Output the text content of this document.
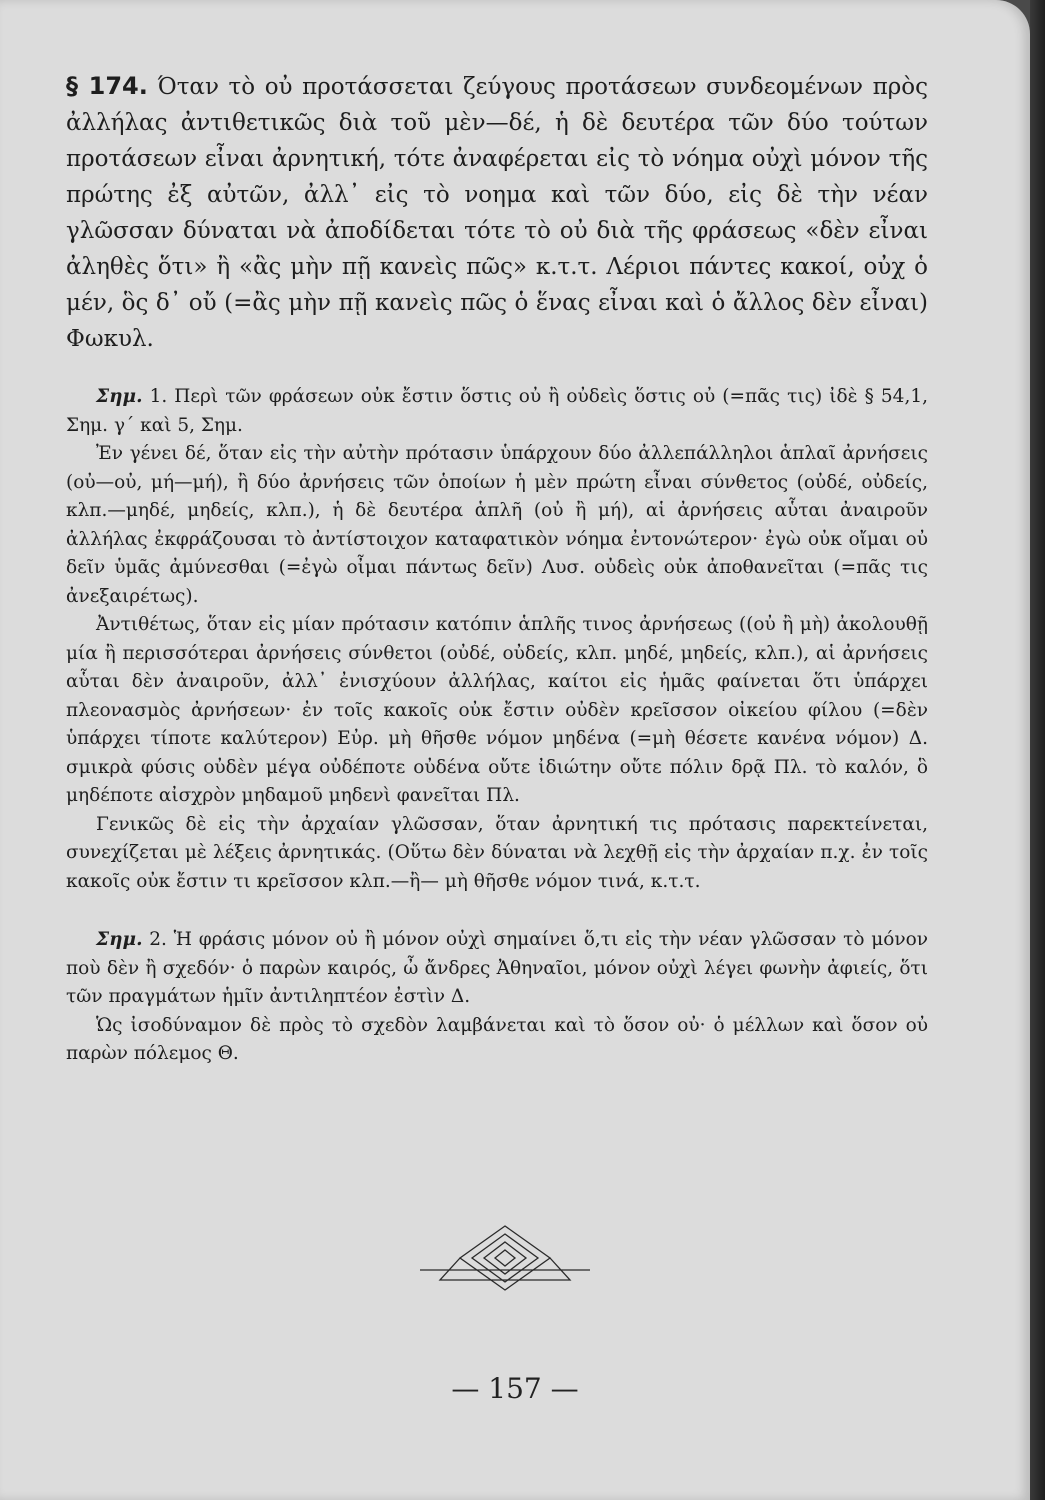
§ 174. Όταν τὸ οὐ προτάσσεται ζεύγους προτάσεων συνδεομένων πρὸς ἀλλήλας ἀντιθετικῶς διὰ τοῦ μὲν—δέ, ἡ δὲ δευτέρα τῶν δύο τούτων προτάσεων εἶναι ἀρνητική, τότε ἀναφέρεται εἰς τὸ νόημα οὐχὶ μόνον τῆς πρώτης ἐξ αὐτῶν, ἀλλ᾽ εἰς τὸ νοημα καὶ τῶν δύο, εἰς δὲ τὴν νέαν γλῶσσαν δύναται νὰ ἀποδίδεται τότε τὸ οὐ διὰ τῆς φράσεως «δὲν εἶναι ἀληθὲς ὅτι» ἢ «ἂς μὴν πῇ κανεὶς πῶς» κ.τ.τ. Λέριοι πάντες κακοί, οὐχ ὁ μέν, ὃς δ᾽ οὔ (=ἂς μὴν πῇ κανεὶς πῶς ὁ ἕνας εἶναι καὶ ὁ ἄλλος δὲν εἶναι) Φωκυλ.

Σημ. 1. Περὶ τῶν φράσεων οὐκ ἔστιν ὅστις οὐ ἢ οὐδεὶς ὅστις οὐ (=πᾶς τις) ἰδὲ § 54,1, Σημ. γ´ καὶ 5, Σημ.

Ἐν γένει δέ, ὅταν εἰς τὴν αὐτὴν πρότασιν ὑπάρχουν δύο ἀλλεπάλληλοι ἁπλαῖ ἀρνήσεις (οὐ—οὐ, μή—μή), ἢ δύο ἀρνήσεις τῶν ὁποίων ἡ μὲν πρώτη εἶναι σύνθετος (οὐδέ, οὐδείς, κλπ.—μηδέ, μηδείς, κλπ.), ἡ δὲ δευτέρα ἁπλῆ (οὐ ἢ μή), αἱ ἀρνήσεις αὗται ἀναιροῦν ἀλλήλας ἐκφράζουσαι τὸ ἀντίστοιχον καταφατικὸν νόημα ἐντονώτερον· ἐγὼ οὐκ οἴμαι οὐ δεῖν ὑμᾶς ἀμύνεσθαι (=ἐγὼ οἶμαι πάντως δεῖν) Λυσ. οὐδεὶς οὐκ ἀποθανεῖται (=πᾶς τις ἀνεξαιρέτως).

Ἀντιθέτως, ὅταν εἰς μίαν πρότασιν κατόπιν ἁπλῆς τινος ἀρνήσεως ((οὐ ἢ μὴ) ἀκολουθῇ μία ἢ περισσότεραι ἀρνήσεις σύνθετοι (οὐδέ, οὐδείς, κλπ. μηδέ, μηδείς, κλπ.), αἱ ἀρνήσεις αὗται δὲν ἀναιροῦν, ἀλλ᾽ ἐνισχύουν ἀλλήλας, καίτοι εἰς ἡμᾶς φαίνεται ὅτι ὑπάρχει πλεονασμὸς ἀρνήσεων· ἐν τοῖς κακοῖς οὐκ ἔστιν οὐδὲν κρεῖσσον οἰκείου φίλου (=δὲν ὑπάρχει τίποτε καλύτερον) Εὐρ. μὴ θῆσθε νόμον μηδένα (=μὴ θέσετε κανένα νόμον) Δ. σμικρὰ φύσις οὐδὲν μέγα οὐδέποτε οὐδένα οὔτε ἰδιώτην οὔτε πόλιν δρᾷ Πλ. τὸ καλόν, ὃ μηδέποτε αἰσχρὸν μηδαμοῦ μηδενὶ φανεῖται Πλ.

Γενικῶς δὲ εἰς τὴν ἀρχαίαν γλῶσσαν, ὅταν ἀρνητική τις πρότασις παρεκτείνεται, συνεχίζεται μὲ λέξεις ἀρνητικάς. (Οὕτω δὲν δύναται νὰ λεχθῇ εἰς τὴν ἀρχαίαν π.χ. ἐν τοῖς κακοῖς οὐκ ἔστιν τι κρεῖσσον κλπ.—ἢ— μὴ θῆσθε νόμον τινά, κ.τ.τ.

Σημ. 2. Ἡ φράσις μόνον οὐ ἢ μόνον οὐχὶ σημαίνει ὅ,τι εἰς τὴν νέαν γλῶσσαν τὸ μόνον ποὺ δὲν ἢ σχεδόν· ὁ παρὼν καιρός, ὦ ἄνδρες Ἀθηναῖοι, μόνον οὐχὶ λέγει φωνὴν ἀφιείς, ὅτι τῶν πραγμάτων ἡμῖν ἀντιληπτέον ἐστὶν Δ.

Ὡς ἰσοδύναμον δὲ πρὸς τὸ σχεδὸν λαμβάνεται καὶ τὸ ὅσον οὐ· ὁ μέλλων καὶ ὅσον οὐ παρὼν πόλεμος Θ.

— 157 —
